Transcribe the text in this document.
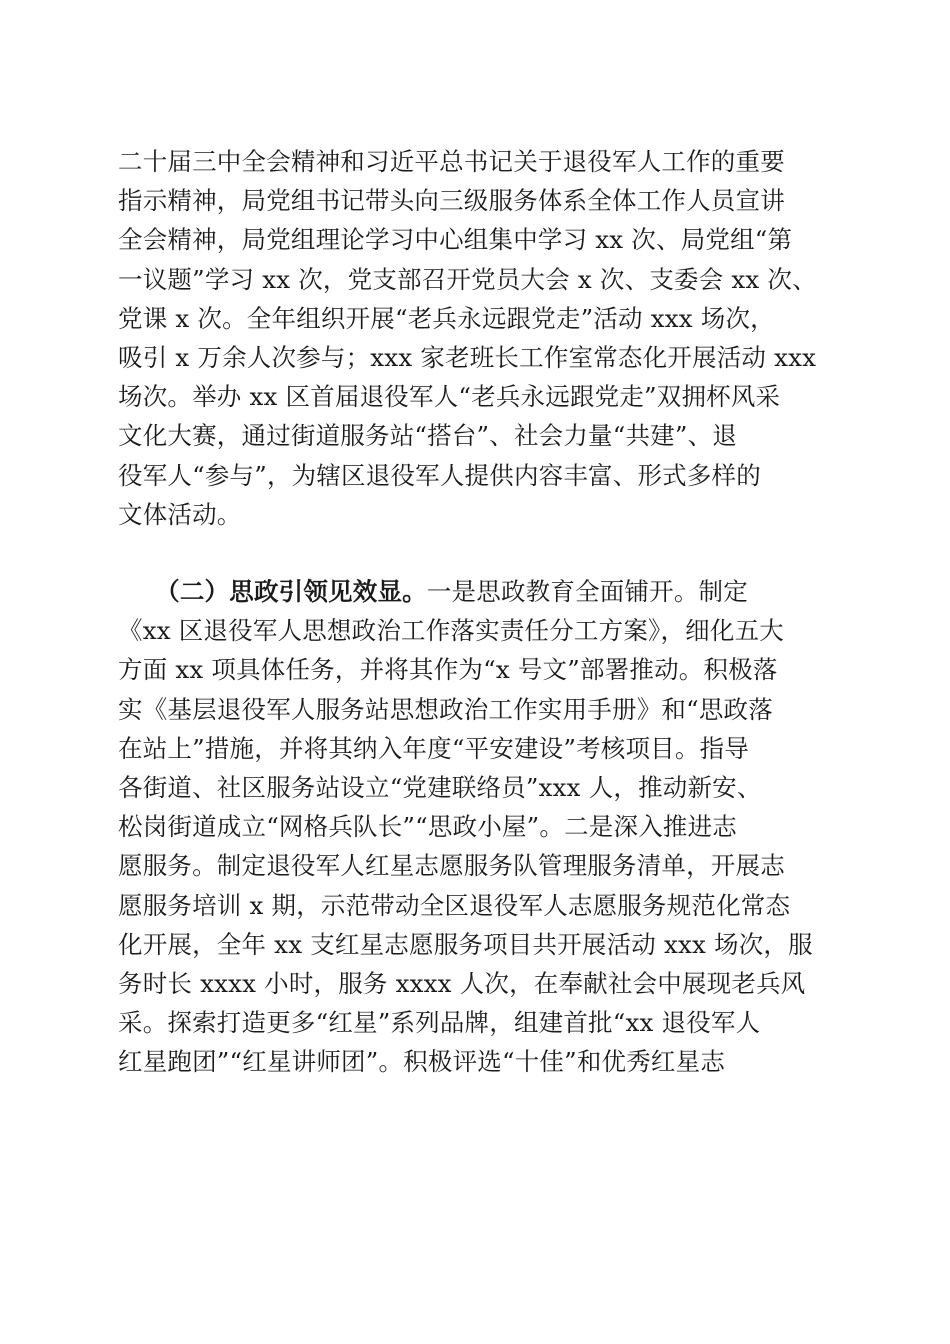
二十届三中全会精神和习近平总书记关于退役军人工作的重要
指示精神，局党组书记带头向三级服务体系全体工作人员宣讲
全会精神，局党组理论学习中心组集中学习 xx 次、局党组“第
一议题”学习 xx 次，党支部召开党员大会 x 次、支委会 xx 次、
党课 x 次。全年组织开展“老兵永远跟党走”活动 xxx 场次，
吸引 x 万余人次参与；xxx 家老班长工作室常态化开展活动 xxx
场次。举办 xx 区首届退役军人“老兵永远跟党走”双拥杯风采
文化大赛，通过街道服务站“搭台”、社会力量“共建”、退
役军人“参与”，为辖区退役军人提供内容丰富、形式多样的
文体活动。
　　（二）思政引领见效显。一是思政教育全面铺开。制定
《xx 区退役军人思想政治工作落实责任分工方案》，细化五大
方面 xx 项具体任务，并将其作为“x 号文”部署推动。积极落
实《基层退役军人服务站思想政治工作实用手册》和“思政落
在站上”措施，并将其纳入年度“平安建设”考核项目。指导
各街道、社区服务站设立“党建联络员”xxx 人，推动新安、
松岗街道成立“网格兵队长”“思政小屋”。二是深入推进志
愿服务。制定退役军人红星志愿服务队管理服务清单，开展志
愿服务培训 x 期，示范带动全区退役军人志愿服务规范化常态
化开展，全年 xx 支红星志愿服务项目共开展活动 xxx 场次，服
务时长 xxxx 小时，服务 xxxx 人次，在奉献社会中展现老兵风
采。探索打造更多“红星”系列品牌，组建首批“xx 退役军人
红星跑团”“红星讲师团”。积极评选“十佳”和优秀红星志
